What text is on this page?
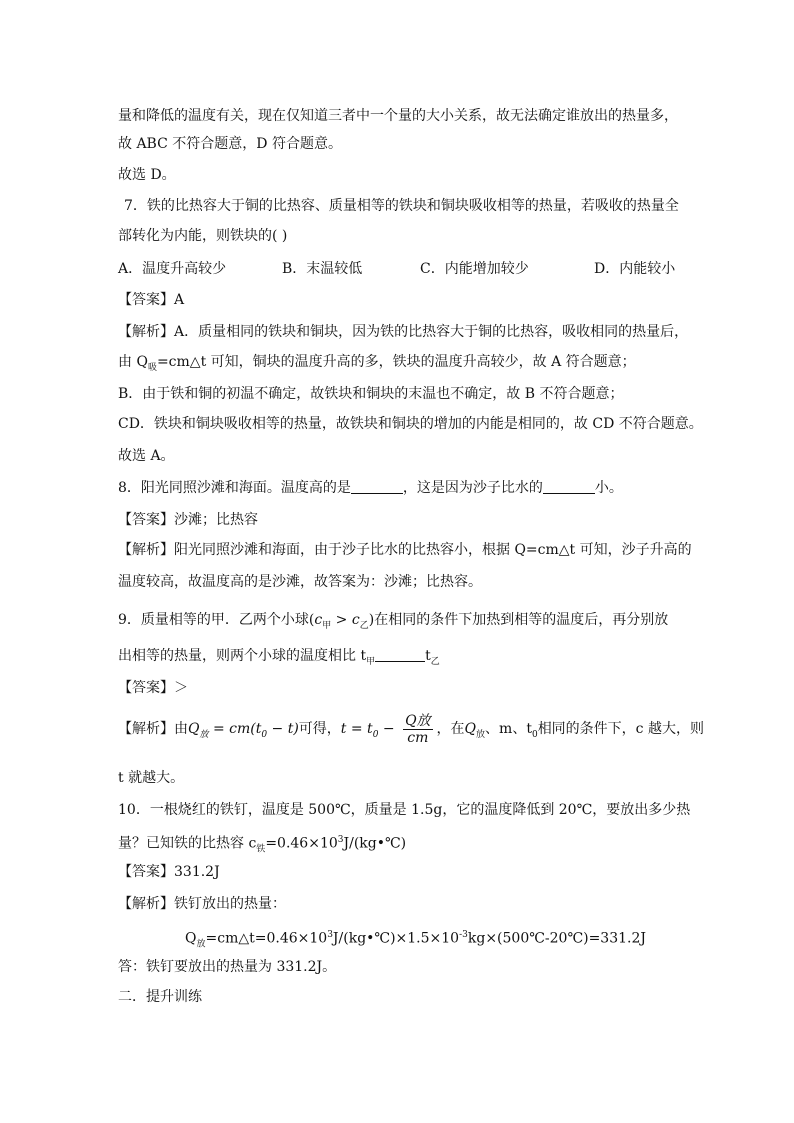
量和降低的温度有关，现在仅知道三者中一个量的大小关系，故无法确定谁放出的热量多，
故 ABC 不符合题意，D 符合题意。
故选 D。
7．铁的比热容大于铜的比热容、质量相等的铁块和铜块吸收相等的热量，若吸收的热量全
部转化为内能，则铁块的( )
A．温度升高较少	B．末温较低	C．内能增加较少	D．内能较小
【答案】A
【解析】A．质量相同的铁块和铜块，因为铁的比热容大于铜的比热容，吸收相同的热量后，
由 $Q_吸=cm\triangle t$ 可知，铜块的温度升高的多，铁块的温度升高较少，故 A 符合题意；
B．由于铁和铜的初温不确定，故铁块和铜块的末温也不确定，故 B 不符合题意；
CD．铁块和铜块吸收相等的热量，故铁块和铜块的增加的内能是相同的，故 CD 不符合题意。
故选 A。
8．阳光同照沙滩和海面。温度高的是	，这是因为沙子比水的	小。
【答案】沙滩；比热容
【解析】阳光同照沙滩和海面，由于沙子比水的比热容小，根据 Q=cm△t 可知，沙子升高的
温度较高，故温度高的是沙滩，故答案为：沙滩；比热容。
9．质量相等的甲．乙两个小球$(c_甲 > c_乙)$在相同的条件下加热到相等的温度后，再分别放
出相等的热量，则两个小球的温度相比 $t_甲$	$t_乙$
【答案】＞
【解析】由$Q_放 = cm(t_0 - t)$可得，$t = t_0 - \frac{\text{Q放}}{cm}$ ，在$Q_放$、m、$t_0$相同的条件下，c 越大，则
t 就越大。
10．一根烧红的铁钉，温度是 500℃，质量是 1.5g，它的温度降低到 20℃，要放出多少热
量？已知铁的比热容 $c_铁=0.46\times 10^3J/(kg•℃)$
【答案】331.2J
【解析】铁钉放出的热量：
$Q_放=cm\triangle t=0.46\times 10^3J/(kg•℃)\times 1.5\times 10^{-3}kg\times(500℃-20℃)=331.2J$
答：铁钉要放出的热量为 331.2J。
二．提升训练
